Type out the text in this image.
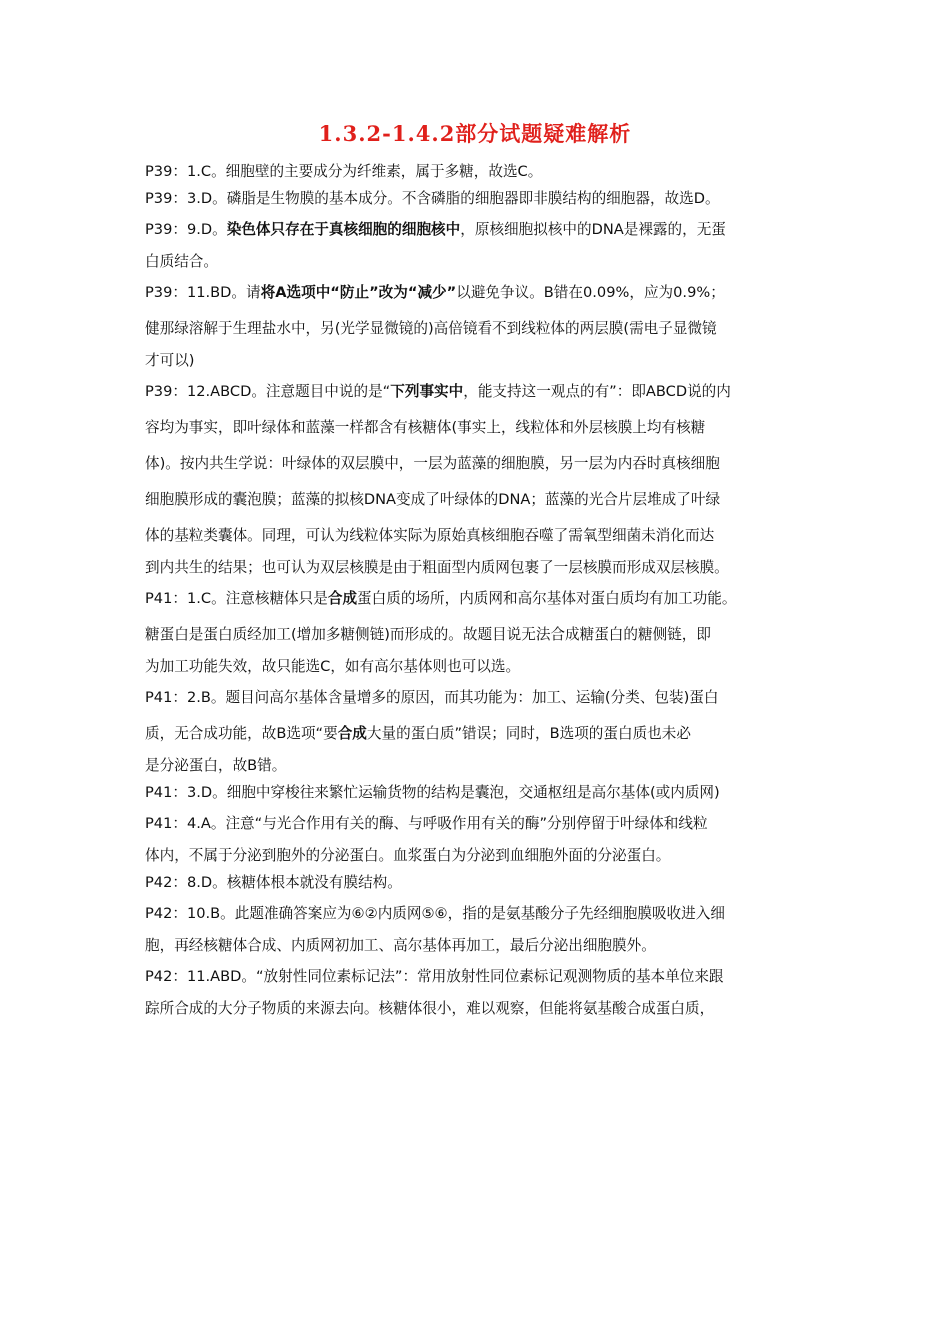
1.3.2-1.4.2部分试题疑难解析
P39：1.C。细胞壁的主要成分为纤维素，属于多糖，故选C。
P39：3.D。磷脂是生物膜的基本成分。不含磷脂的细胞器即非膜结构的细胞器，故选D。
P39：9.D。染色体只存在于真核细胞的细胞核中，原核细胞拟核中的DNA是裸露的，无蛋
白质结合。
P39：11.BD。请将A选项中“防止”改为“减少”以避免争议。B错在0.09%，应为0.9%；
健那绿溶解于生理盐水中，另(光学显微镜的)高倍镜看不到线粒体的两层膜(需电子显微镜
才可以)
P39：12.ABCD。注意题目中说的是“下列事实中，能支持这一观点的有”：即ABCD说的内
容均为事实，即叶绿体和蓝藻一样都含有核糖体(事实上，线粒体和外层核膜上均有核糖
体)。按内共生学说：叶绿体的双层膜中，一层为蓝藻的细胞膜，另一层为内吞时真核细胞
细胞膜形成的囊泡膜；蓝藻的拟核DNA变成了叶绿体的DNA；蓝藻的光合片层堆成了叶绿
体的基粒类囊体。同理，可认为线粒体实际为原始真核细胞吞噬了需氧型细菌未消化而达
到内共生的结果；也可认为双层核膜是由于粗面型内质网包裹了一层核膜而形成双层核膜。
P41：1.C。注意核糖体只是合成蛋白质的场所，内质网和高尔基体对蛋白质均有加工功能。
糖蛋白是蛋白质经加工(增加多糖侧链)而形成的。故题目说无法合成糖蛋白的糖侧链，即
为加工功能失效，故只能选C，如有高尔基体则也可以选。
P41：2.B。题目问高尔基体含量增多的原因，而其功能为：加工、运输(分类、包装)蛋白
质，无合成功能，故B选项“要合成大量的蛋白质”错误；同时，B选项的蛋白质也未必
是分泌蛋白，故B错。
P41：3.D。细胞中穿梭往来繁忙运输货物的结构是囊泡，交通枢纽是高尔基体(或内质网)
P41：4.A。注意“与光合作用有关的酶、与呼吸作用有关的酶”分别停留于叶绿体和线粒
体内，不属于分泌到胞外的分泌蛋白。血浆蛋白为分泌到血细胞外面的分泌蛋白。
P42：8.D。核糖体根本就没有膜结构。
P42：10.B。此题准确答案应为⑥②内质网⑤⑥，指的是氨基酸分子先经细胞膜吸收进入细
胞，再经核糖体合成、内质网初加工、高尔基体再加工，最后分泌出细胞膜外。
P42：11.ABD。“放射性同位素标记法”：常用放射性同位素标记观测物质的基本单位来跟
踪所合成的大分子物质的来源去向。核糖体很小，难以观察，但能将氨基酸合成蛋白质，
